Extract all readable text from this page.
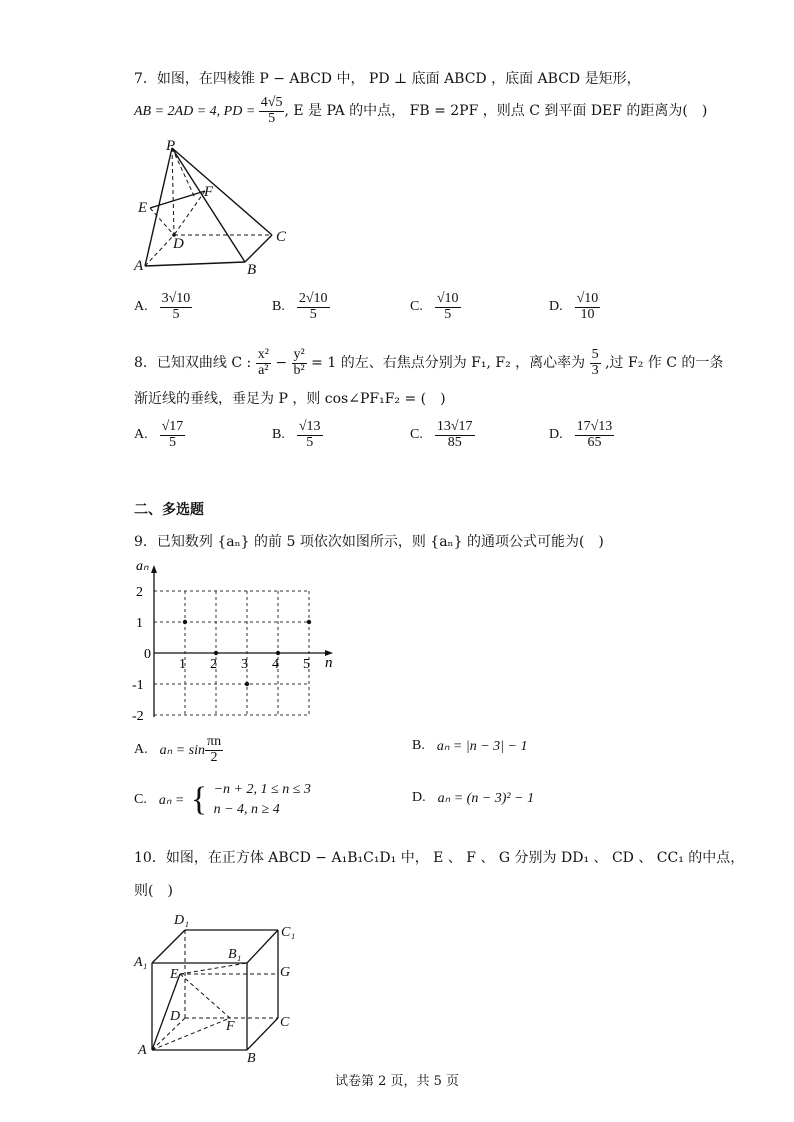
7．如图，在四棱锥 P − ABCD 中， PD ⊥ 底面 ABCD ，底面 ABCD 是矩形，
AB = 2AD = 4, PD = $\frac{4√5}{5}$ , E 是 PA 的中点， FB = 2PF ，则点 C 到平面 DEF 的距离为(　)
P
F
E
D	C
A	B
A. $\frac{3√10}{5}$	B. $\frac{2√10}{5}$	C. $\frac{√10}{5}$	D. $\frac{√10}{10}$
8．已知双曲线 C : $\frac{\text{x²}}{\text{a²}} - \frac{\text{y²}}{\text{b²}} = 1$ 的左、右焦点分别为 F₁, F₂ ，离心率为 $\frac{5}{3}$ ,过 F₂ 作 C 的一条
渐近线的垂线，垂足为 P ，则 cos∠PF₁F₂ = (　)
A. $\frac{√17}{5}$	B. $\frac{√13}{5}$	C. $\frac{13√17}{85}$	D. $\frac{17√13}{65}$
二、多选题
9．已知数列 {aₙ} 的前 5 项依次如图所示，则 {aₙ} 的通项公式可能为(　)
1 2 3 4 5
2
1
0
-1
-2
n
aₙ
A. $a_n = \sin \frac{\pi n}{2}$	B. aₙ = |n − 3| − 1
C. aₙ = { −n + 2, 1 ≤ n ≤ 3
n − 4, n ≥ 4
D. aₙ = (n − 3)² − 1
10．如图，在正方体 ABCD − A₁B₁C₁D₁ 中， E 、 F 、 G 分别为 DD₁ 、 CD 、 CC₁ 的中点，
则(　)
D₁
C₁
B₁
A₁
E	G
D
F	C
A
B
试卷第 2 页，共 5 页
